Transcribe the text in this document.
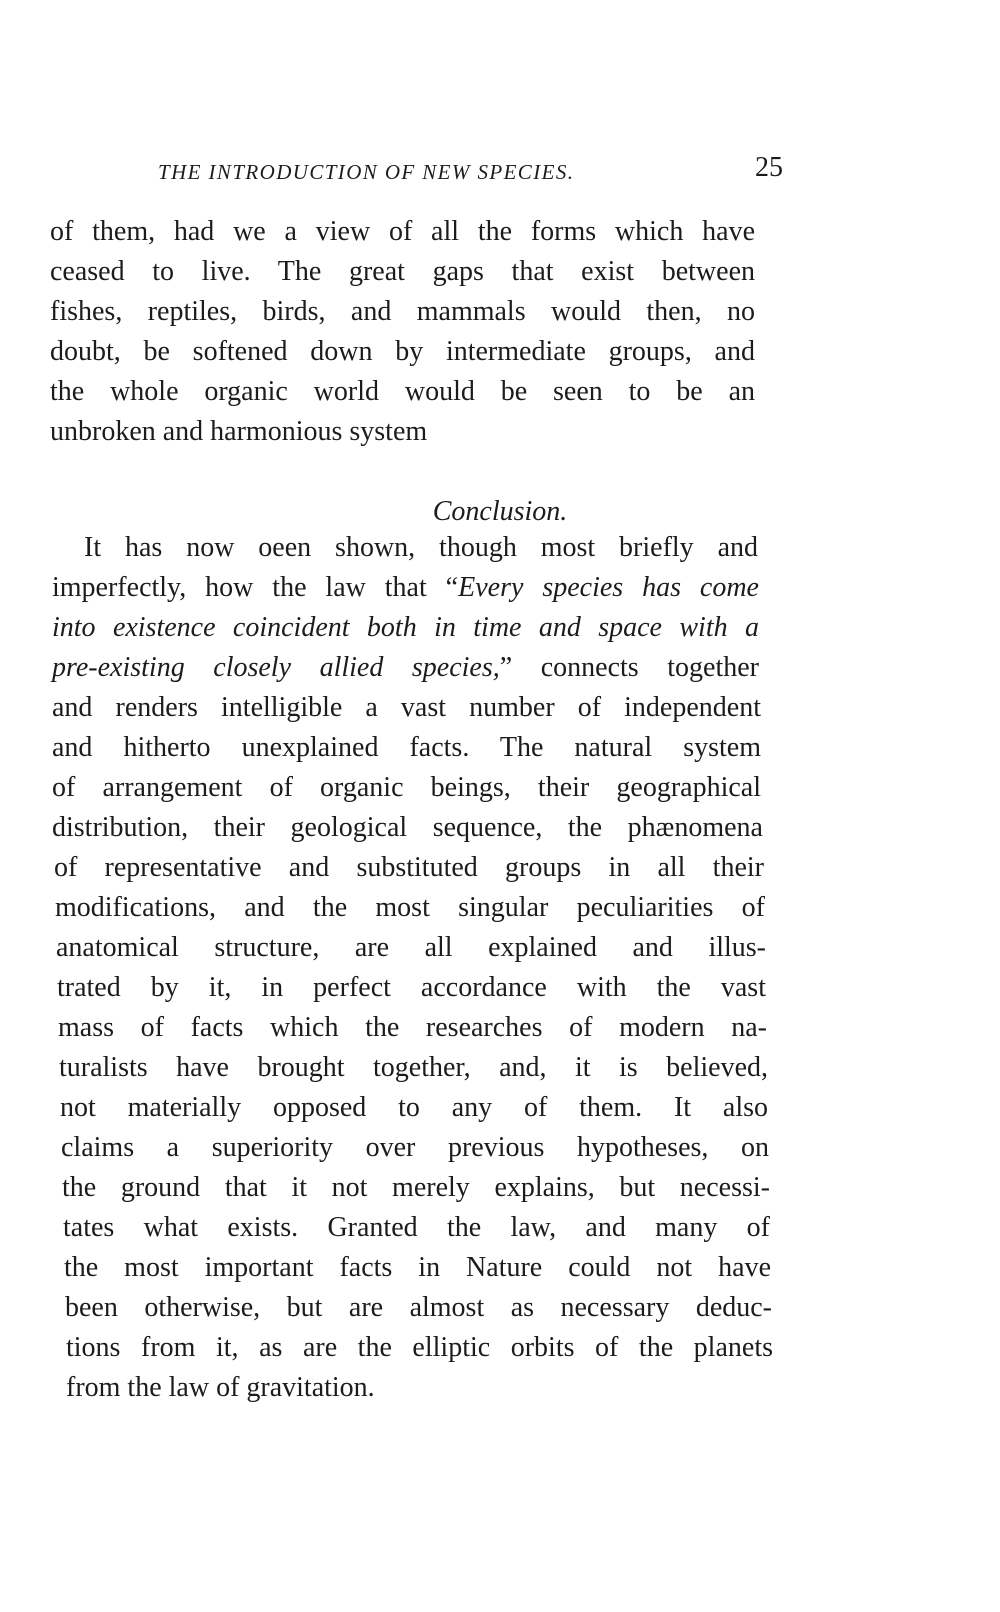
THE INTRODUCTION OF NEW SPECIES.	25
of them, had we a view of all the forms which have
ceased to live. The great gaps that exist between
fishes, reptiles, birds, and mammals would then, no
doubt, be softened down by intermediate groups, and
the whole organic world would be seen to be an
unbroken and harmonious system
Conclusion.
It has now oeen shown, though most briefly and
imperfectly, how the law that “Every species has come
into existence coincident both in time and space with a
pre-existing closely allied species,” connects together
and renders intelligible a vast number of independent
and hitherto unexplained facts. The natural system
of arrangement of organic beings, their geographical
distribution, their geological sequence, the phænomena
of representative and substituted groups in all their
modifications, and the most singular peculiarities of
anatomical structure, are all explained and illus-
trated by it, in perfect accordance with the vast
mass of facts which the researches of modern na-
turalists have brought together, and, it is believed,
not materially opposed to any of them. It also
claims a superiority over previous hypotheses, on
the ground that it not merely explains, but necessi-
tates what exists. Granted the law, and many of
the most important facts in Nature could not have
been otherwise, but are almost as necessary deduc-
tions from it, as are the elliptic orbits of the planets
from the law of gravitation.
